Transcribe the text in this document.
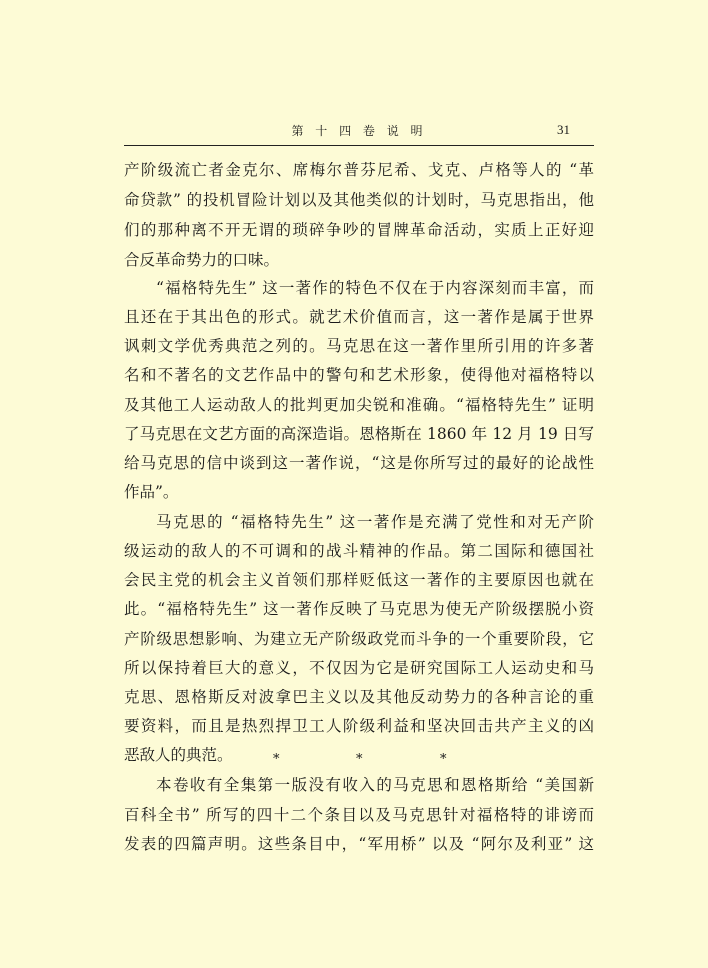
第 十 四 卷 说 明	31
产阶级流亡者金克尔、席梅尔普芬尼希、戈克、卢格等人的 “革
命贷款” 的投机冒险计划以及其他类似的计划时，马克思指出，他
们的那种离不开无谓的琐碎争吵的冒牌革命活动，实质上正好迎
合反革命势力的口味。
“福格特先生” 这一著作的特色不仅在于内容深刻而丰富，而
且还在于其出色的形式。就艺术价值而言，这一著作是属于世界
讽刺文学优秀典范之列的。马克思在这一著作里所引用的许多著
名和不著名的文艺作品中的警句和艺术形象，使得他对福格特以
及其他工人运动敌人的批判更加尖锐和准确。“福格特先生” 证明
了马克思在文艺方面的高深造诣。恩格斯在 1860 年 12 月 19 日写
给马克思的信中谈到这一著作说，“这是你所写过的最好的论战性
作品”。
马克思的 “福格特先生” 这一著作是充满了党性和对无产阶
级运动的敌人的不可调和的战斗精神的作品。第二国际和德国社
会民主党的机会主义首领们那样贬低这一著作的主要原因也就在
此。“福格特先生” 这一著作反映了马克思为使无产阶级摆脱小资
产阶级思想影响、为建立无产阶级政党而斗争的一个重要阶段，它
所以保持着巨大的意义，不仅因为它是研究国际工人运动史和马
克思、恩格斯反对波拿巴主义以及其他反动势力的各种言论的重
要资料，而且是热烈捍卫工人阶级利益和坚决回击共产主义的凶
恶敌人的典范。	*	*	*
本卷收有全集第一版没有收入的马克思和恩格斯给 “美国新
百科全书” 所写的四十二个条目以及马克思针对福格特的诽谤而
发表的四篇声明。这些条目中，“军用桥” 以及 “阿尔及利亚” 这
